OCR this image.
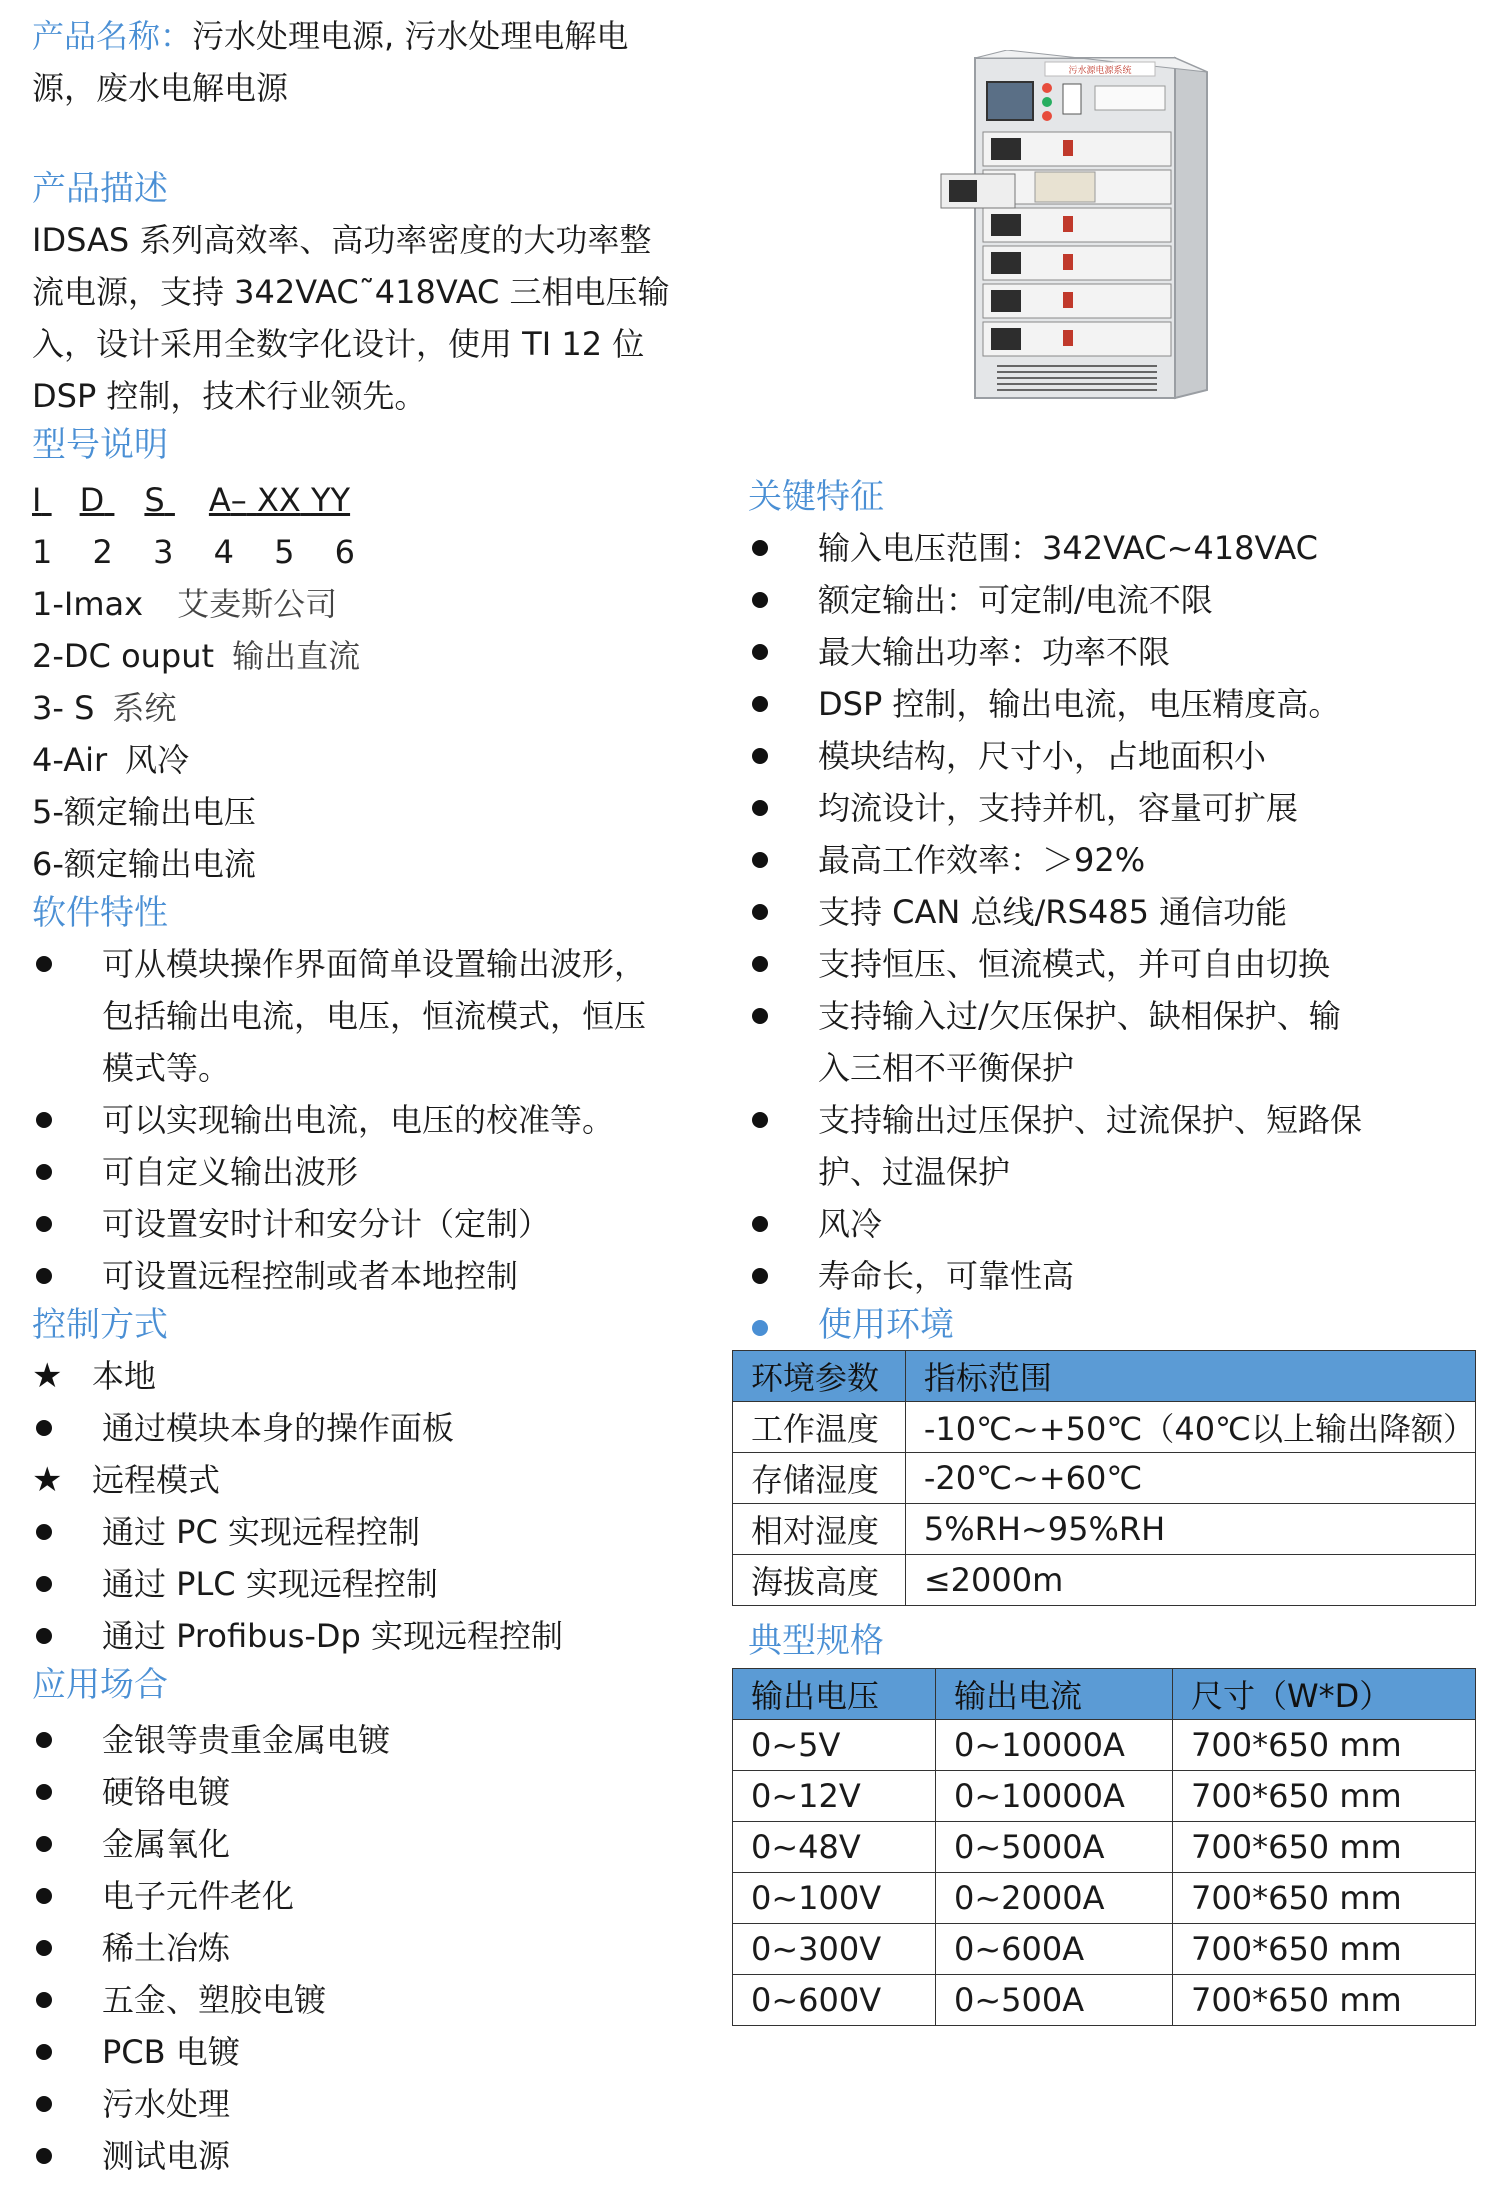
产品名称：污水处理电源, 污水处理电解电
源，废水电解电源
产品描述
IDSAS 系列高效率、高功率密度的大功率整
流电源，支持 342VAC˜418VAC 三相电压输
入，设计采用全数字化设计，使用 TI 12 位
DSP 控制，技术行业领先。
型号说明
I D S A– XX YY
1 2 3 4 5 6
1-Imax 艾麦斯公司
2-DC ouput 输出直流
3- S 系统
4-Air 风冷
5-额定输出电压
6-额定输出电流
软件特性
可从模块操作界面简单设置输出波形，
包括输出电流，电压，恒流模式，恒压
模式等。
可以实现输出电流，电压的校准等。
可自定义输出波形
可设置安时计和安分计（定制）
可设置远程控制或者本地控制
控制方式
★ 本地
通过模块本身的操作面板
★ 远程模式
通过 PC 实现远程控制
通过 PLC 实现远程控制
通过 Profibus-Dp 实现远程控制
应用场合
金银等贵重金属电镀
硬铬电镀
金属氧化
电子元件老化
稀土冶炼
五金、塑胶电镀
PCB 电镀
污水处理
测试电源
污水源电源系统
关键特征
输入电压范围：342VAC~418VAC
额定输出：可定制/电流不限
最大输出功率：功率不限
DSP 控制，输出电流，电压精度高。
模块结构，尺寸小，占地面积小
均流设计，支持并机，容量可扩展
最高工作效率：＞92%
支持 CAN 总线/RS485 通信功能
支持恒压、恒流模式，并可自由切换
支持输入过/欠压保护、缺相保护、输
入三相不平衡保护
支持输出过压保护、过流保护、短路保
护、过温保护
风冷
寿命长，可靠性高
使用环境
环境参数	指标范围
工作温度	-10℃~+50℃（40℃以上输出降额）
存储湿度	-20℃~+60℃
相对湿度	5%RH~95%RH
海拔高度	≤2000m
典型规格
输出电压	输出电流	尺寸（W*D）
0~5V	0~10000A	700*650 mm
0~12V	0~10000A	700*650 mm
0~48V	0~5000A	700*650 mm
0~100V	0~2000A	700*650 mm
0~300V	0~600A	700*650 mm
0~600V	0~500A	700*650 mm
